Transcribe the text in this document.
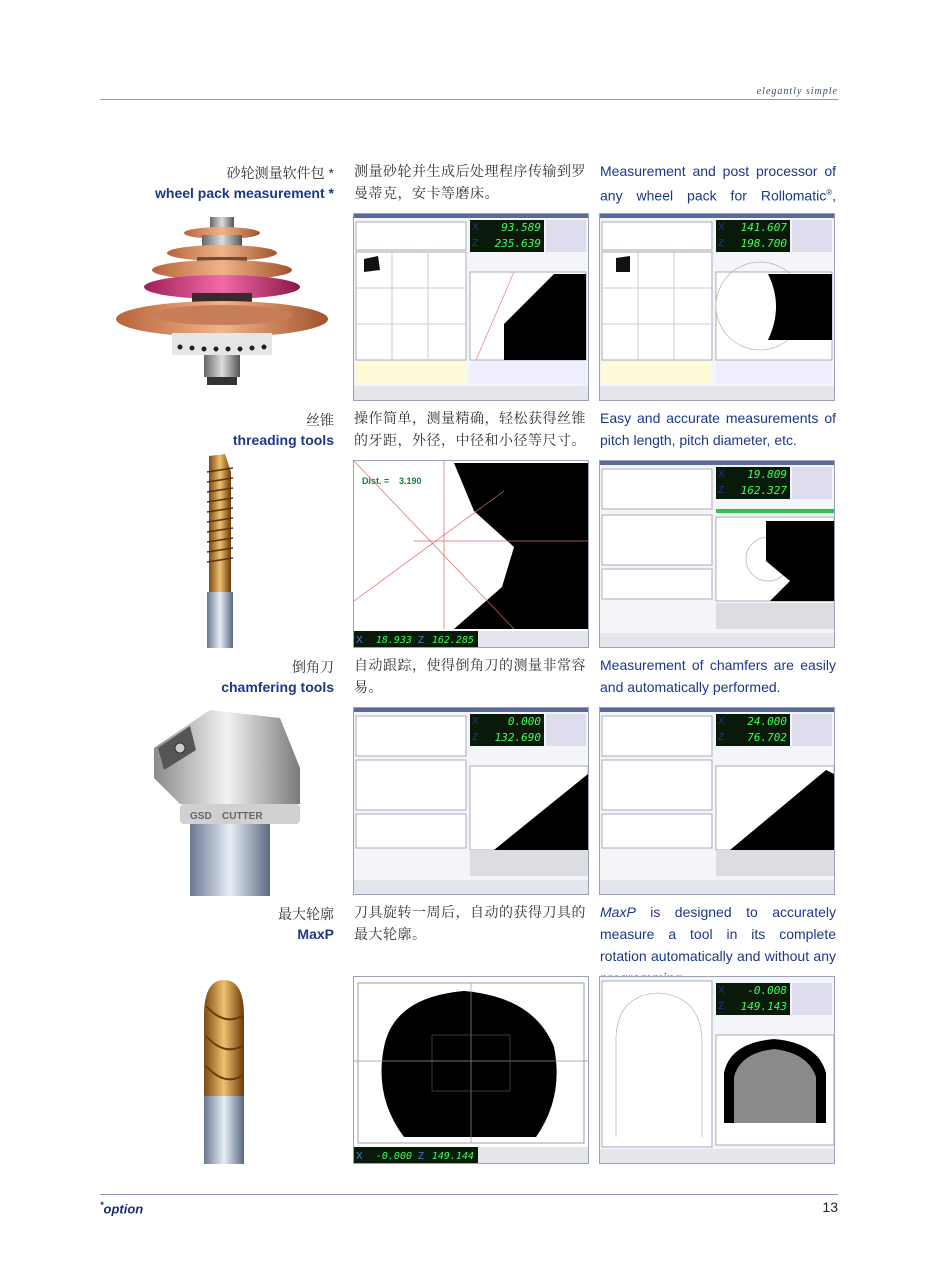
elegantly simple
砂轮测量软件包 *
wheel pack measurement *
测量砂轮并生成后处理程序传输到罗曼蒂克，安卡等磨床。
Measurement and post processor of any wheel pack for Rollomatic®,
X
Z
93.589
235.639
X
Z
141.607
198.700
丝锥
threading tools
操作简单，测量精确，轻松获得丝锥的牙距，外径，中径和小径等尺寸。
Easy and accurate measurements of pitch length, pitch diameter, etc.
Dist. = 3.190
X 18.933 Z 162.285
X
Z
19.809
162.327
倒角刀
chamfering tools
自动跟踪，使得倒角刀的测量非常容易。
Measurement of chamfers are easily and automatically performed.
GSD CUTTER
X
Z
0.000
132.690
X
Z
24.000
76.702
最大轮廓
MaxP
刀具旋转一周后，自动的获得刀具的最大轮廓。
MaxP is designed to accurately measure a tool in its complete rotation automatically and without any
X -0.000 Z 149.144
X
Z
-0.008
149.143
*option	13
